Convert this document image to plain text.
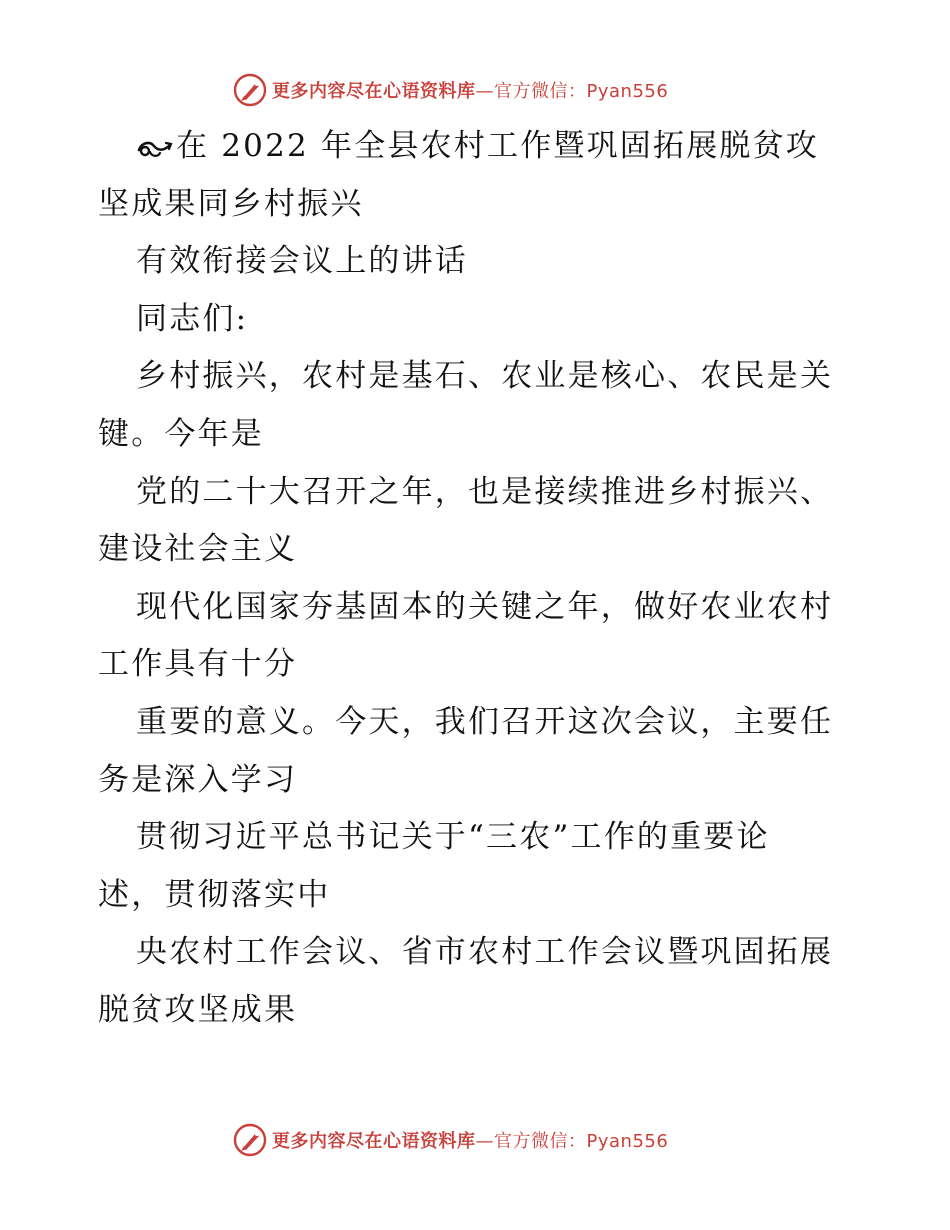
更多内容尽在心语资料库 —官方微信：Pyan556
在 2022 年全县农村工作暨巩固拓展脱贫攻
坚成果同乡村振兴
有效衔接会议上的讲话
同志们:
乡村振兴，农村是基石、农业是核心、农民是关
键。今年是
党的二十大召开之年，也是接续推进乡村振兴、
建设社会主义
现代化国家夯基固本的关键之年，做好农业农村
工作具有十分
重要的意义。今天，我们召开这次会议，主要任
务是深入学习
贯彻习近平总书记关于“三农”工作的重要论
述，贯彻落实中
央农村工作会议、省市农村工作会议暨巩固拓展
脱贫攻坚成果
更多内容尽在心语资料库 —官方微信：Pyan556
